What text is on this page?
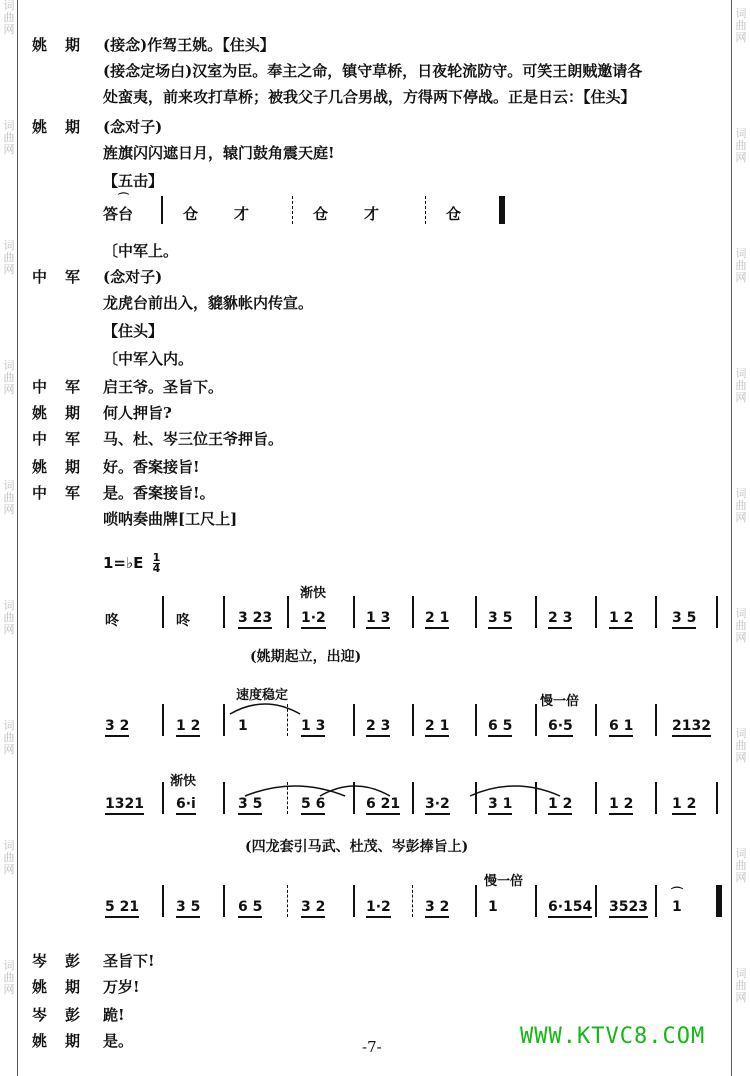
词
曲
网
词
曲
网
词
曲
网
词
曲
网
词
曲
网
词
曲
网
词
曲
网
词
曲
网
词
曲
网
词
曲
网
词
曲
网
词
曲
网
词
曲
网
词
曲
网
词
曲
网
词
曲
网
词
曲
网
词
曲
网
姚期 (接念)作驾王姚。【住头】
(接念定场白)汉室为臣。奉主之命，镇守草桥，日夜轮流防守。可笑王朗贼邀请各
处蛮夷，前来攻打草桥；被我父子几合男战，方得两下停战。正是日云：【住头】
姚期 (念对子)
旌旗闪闪遮日月，辕门鼓角震天庭!
【五击】
答台
⌒
仓 才	仓 才	仓
〔中军上。
中军 (念对子)
龙虎台前出入，貔貅帐内传宣。
【住头】
〔中军入内。
中军 启王爷。圣旨下。
姚期 何人押旨?
中军 马、杜、岑三位王爷押旨。
姚期 好。香案接旨!
中军 是。香案接旨!。
唢呐奏曲牌[工尺上]
1=♭E $\frac{1}{4}$
咚	咚	3 23 1·2	1 3 2 1	3 5	2 3	1 2	3 5
渐快
3 2	1 2	1	1 3	2 3 2 1	6 5	6·5	6 1	2132
速度稳定	慢一倍
1321 6·i	3 5	5 6	6 21 3·2	3 1	1 2	1 2	1 2
渐快
5 21	3 5	6 5	3 2	1·2 3 2	1	6·154 3523 1
慢一倍
⌒
(姚期起立，出迎)
(四龙套引马武、杜茂、岑彭捧旨上)
岑彭 圣旨下!
姚期 万岁!
岑彭 跪!
姚期 是。	-7-	WWW.KTVC8.COM
